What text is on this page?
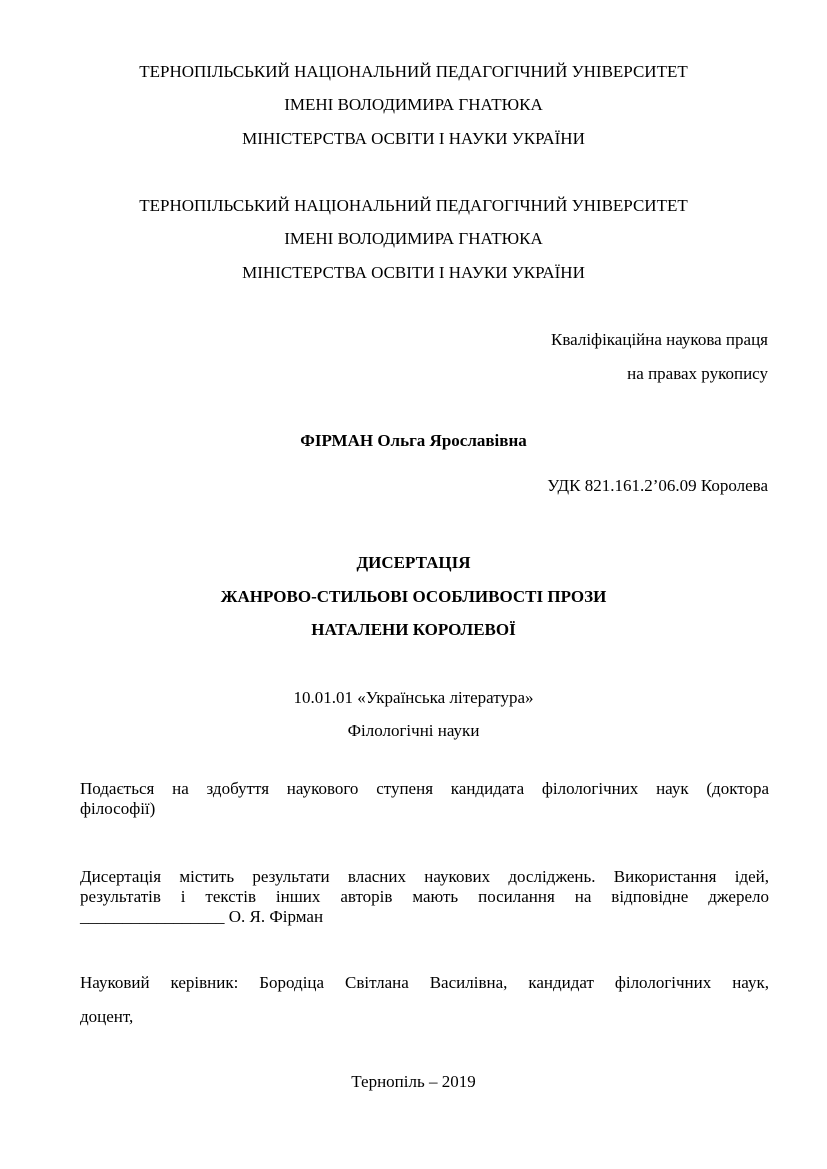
ТЕРНОПІЛЬСЬКИЙ НАЦІОНАЛЬНИЙ ПЕДАГОГІЧНИЙ УНІВЕРСИТЕТ
ІМЕНІ ВОЛОДИМИРА ГНАТЮКА
МІНІСТЕРСТВА ОСВІТИ І НАУКИ УКРАЇНИ
ТЕРНОПІЛЬСЬКИЙ НАЦІОНАЛЬНИЙ ПЕДАГОГІЧНИЙ УНІВЕРСИТЕТ
ІМЕНІ ВОЛОДИМИРА ГНАТЮКА
МІНІСТЕРСТВА ОСВІТИ І НАУКИ УКРАЇНИ
Кваліфікаційна наукова праця
на правах рукопису
ФІРМАН Ольга Ярославівна
УДК 821.161.2’06.09 Королева
ДИСЕРТАЦІЯ
ЖАНРОВО-СТИЛЬОВІ ОСОБЛИВОСТІ ПРОЗИ
НАТАЛЕНИ КОРОЛЕВОЇ
10.01.01 «Українська література»
Філологічні науки
Подається на здобуття наукового ступеня кандидата філологічних наук (доктора
філософії)
Дисертація містить результати власних наукових досліджень. Використання ідей,
результатів і текстів інших авторів мають посилання на відповідне джерело
_________________ О. Я. Фірман
Науковий керівник: Бородіца Світлана Василівна, кандидат філологічних наук,
доцент,
Тернопіль – 2019
